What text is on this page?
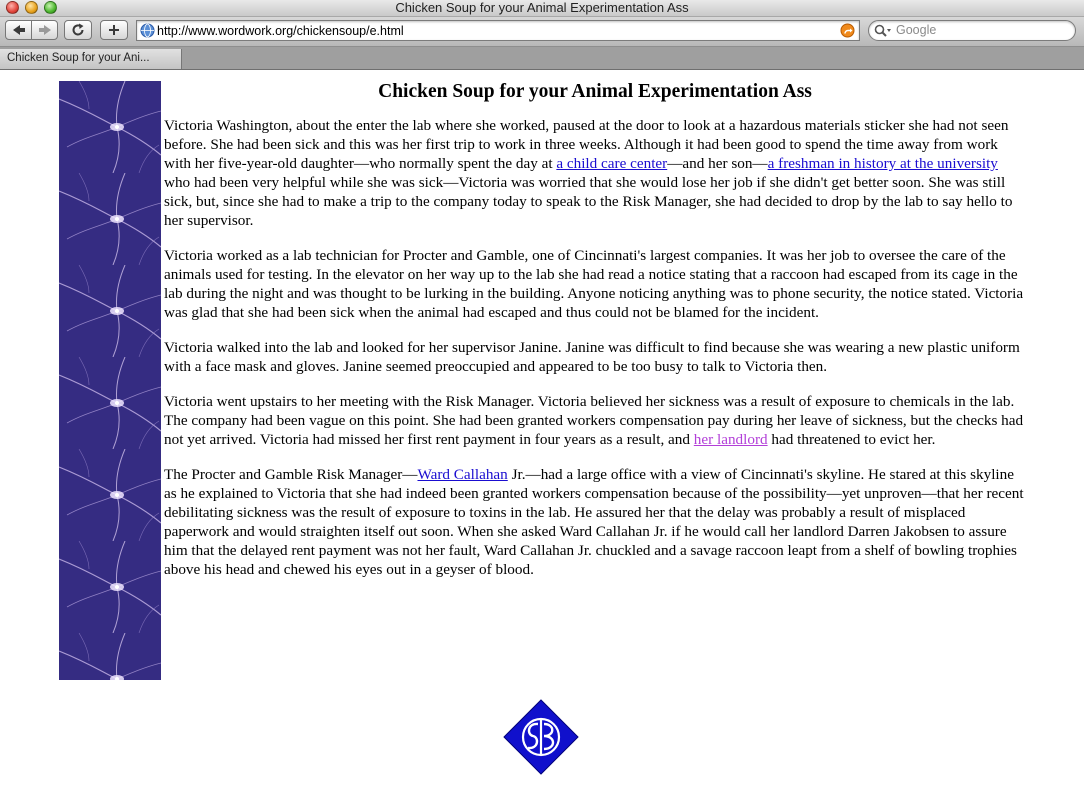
Chicken Soup for your Animal Experimentation Ass
http://www.wordwork.org/chickensoup/e.html	Google
Chicken Soup for your Ani...
Chicken Soup for your Animal Experimentation Ass

Victoria Washington, about the enter the lab where she worked, paused at the door to look at a hazardous materials sticker she had not seen before. She had been sick and this was her first trip to work in three weeks. Although it had been good to spend the time away from work with her five-year-old daughter—who normally spent the day at a child care center—and her son—a freshman in history at the university who had been very helpful while she was sick—Victoria was worried that she would lose her job if she didn't get better soon. She was still sick, but, since she had to make a trip to the company today to speak to the Risk Manager, she had decided to drop by the lab to say hello to her supervisor.

Victoria worked as a lab technician for Procter and Gamble, one of Cincinnati's largest companies. It was her job to oversee the care of the animals used for testing. In the elevator on her way up to the lab she had read a notice stating that a raccoon had escaped from its cage in the lab during the night and was thought to be lurking in the building. Anyone noticing anything was to phone security, the notice stated. Victoria was glad that she had been sick when the animal had escaped and thus could not be blamed for the incident.

Victoria walked into the lab and looked for her supervisor Janine. Janine was difficult to find because she was wearing a new plastic uniform with a face mask and gloves. Janine seemed preoccupied and appeared to be too busy to talk to Victoria then.

Victoria went upstairs to her meeting with the Risk Manager. Victoria believed her sickness was a result of exposure to chemicals in the lab. The company had been vague on this point. She had been granted workers compensation pay during her leave of sickness, but the checks had not yet arrived. Victoria had missed her first rent payment in four years as a result, and her landlord had threatened to evict her.

The Procter and Gamble Risk Manager—Ward Callahan Jr.—had a large office with a view of Cincinnati's skyline. He stared at this skyline as he explained to Victoria that she had indeed been granted workers compensation because of the possibility—yet unproven—that her recent debilitating sickness was the result of exposure to toxins in the lab. He assured her that the delay was probably a result of misplaced paperwork and would straighten itself out soon. When she asked Ward Callahan Jr. if he would call her landlord Darren Jakobsen to assure him that the delayed rent payment was not her fault, Ward Callahan Jr. chuckled and a savage raccoon leapt from a shelf of bowling trophies above his head and chewed his eyes out in a geyser of blood.
